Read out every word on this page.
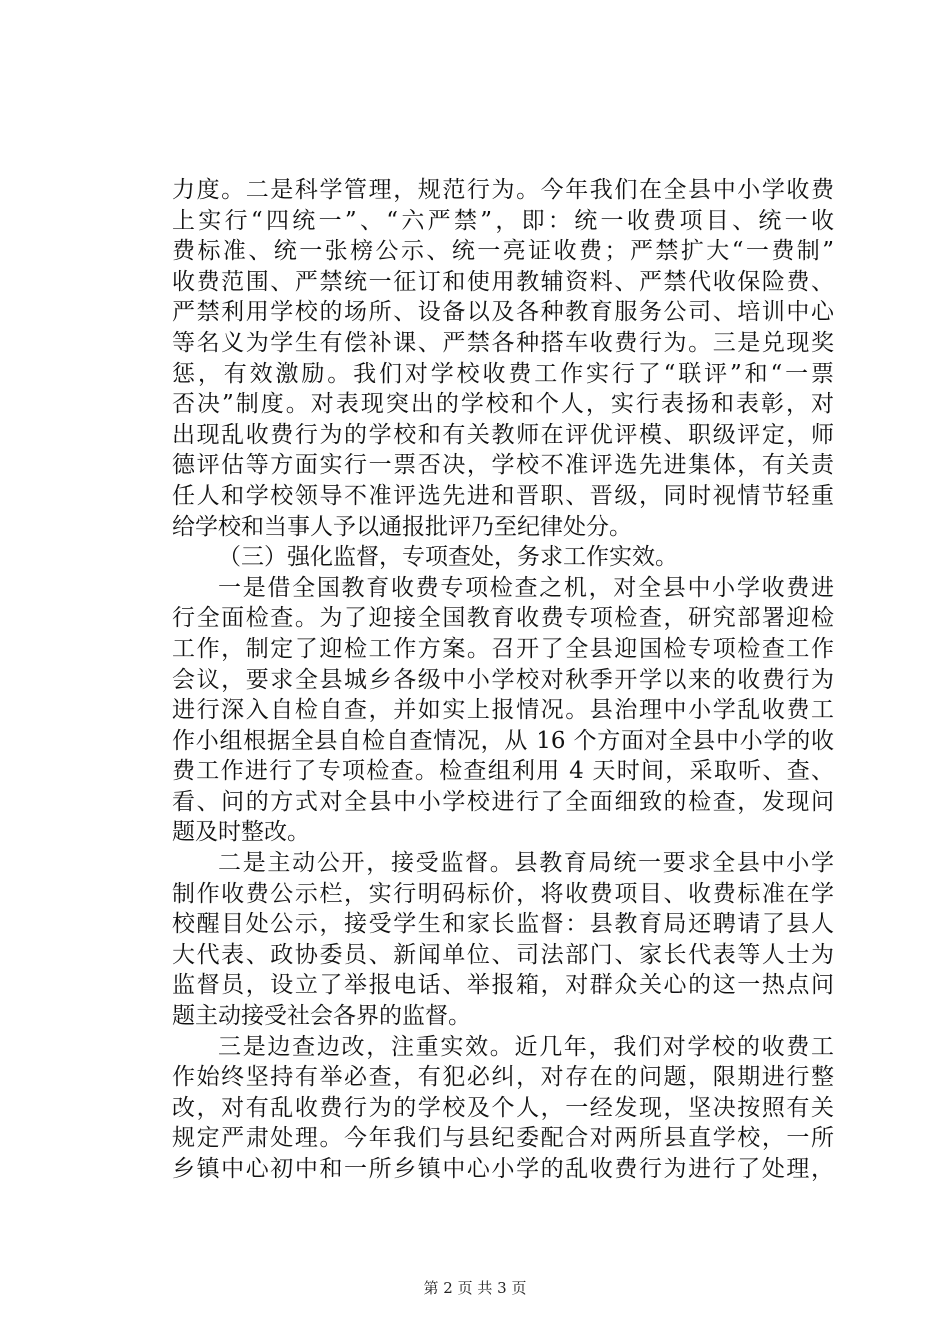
力度。二是科学管理，规范行为。今年我们在全县中小学收费
上实行“四统一”、“六严禁”，即：统一收费项目、统一收
费标准、统一张榜公示、统一亮证收费；严禁扩大“一费制”
收费范围、严禁统一征订和使用教辅资料、严禁代收保险费、
严禁利用学校的场所、设备以及各种教育服务公司、培训中心
等名义为学生有偿补课、严禁各种搭车收费行为。三是兑现奖
惩，有效激励。我们对学校收费工作实行了“联评”和“一票
否决”制度。对表现突出的学校和个人，实行表扬和表彰，对
出现乱收费行为的学校和有关教师在评优评模、职级评定，师
德评估等方面实行一票否决，学校不准评选先进集体，有关责
任人和学校领导不准评选先进和晋职、晋级，同时视情节轻重
给学校和当事人予以通报批评乃至纪律处分。
（三）强化监督，专项查处，务求工作实效。
一是借全国教育收费专项检查之机，对全县中小学收费进
行全面检查。为了迎接全国教育收费专项检查，研究部署迎检
工作，制定了迎检工作方案。召开了全县迎国检专项检查工作
会议，要求全县城乡各级中小学校对秋季开学以来的收费行为
进行深入自检自查，并如实上报情况。县治理中小学乱收费工
作小组根据全县自检自查情况，从 16 个方面对全县中小学的收
费工作进行了专项检查。检查组利用 4 天时间，采取听、查、
看、问的方式对全县中小学校进行了全面细致的检查，发现问
题及时整改。
二是主动公开，接受监督。县教育局统一要求全县中小学
制作收费公示栏，实行明码标价，将收费项目、收费标准在学
校醒目处公示，接受学生和家长监督：县教育局还聘请了县人
大代表、政协委员、新闻单位、司法部门、家长代表等人士为
监督员，设立了举报电话、举报箱，对群众关心的这一热点问
题主动接受社会各界的监督。
三是边查边改，注重实效。近几年，我们对学校的收费工
作始终坚持有举必查，有犯必纠，对存在的问题，限期进行整
改，对有乱收费行为的学校及个人，一经发现，坚决按照有关
规定严肃处理。今年我们与县纪委配合对两所县直学校，一所
乡镇中心初中和一所乡镇中心小学的乱收费行为进行了处理，
第 2 页 共 3 页
